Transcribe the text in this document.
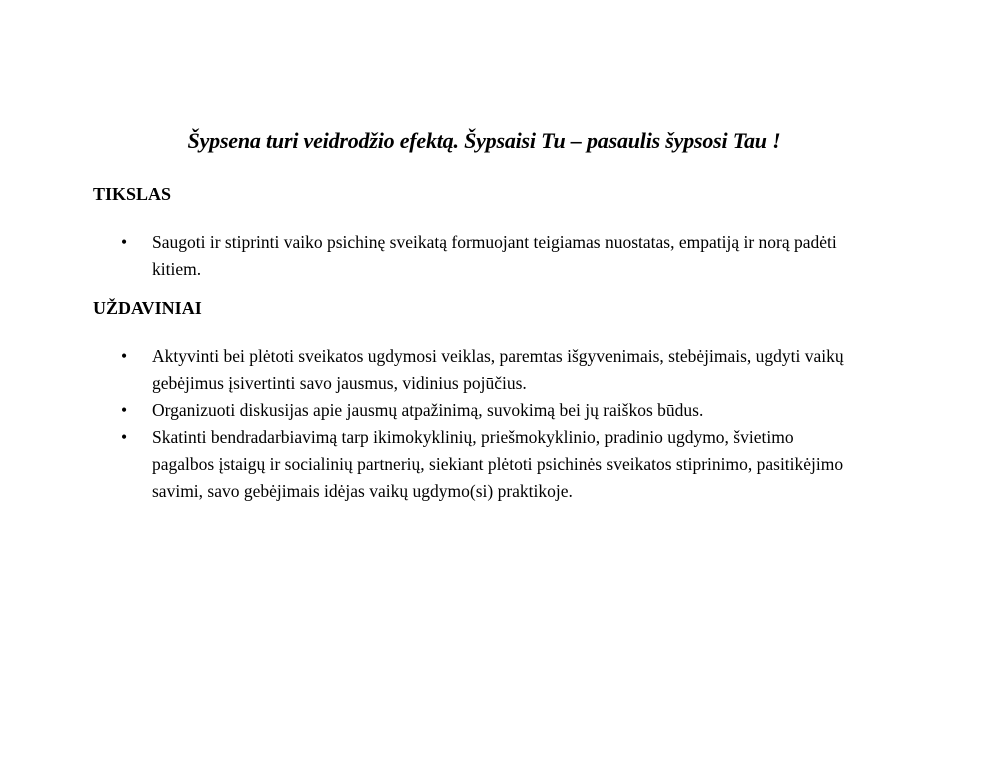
Šypsena turi veidrodžio efektą. Šypsaisi Tu – pasaulis šypsosi Tau !
TIKSLAS
•	Saugoti ir stiprinti vaiko psichinę sveikatą formuojant teigiamas nuostatas, empatiją ir norą padėti kitiem.
UŽDAVINIAI
•	Aktyvinti bei plėtoti sveikatos ugdymosi veiklas, paremtas išgyvenimais, stebėjimais, ugdyti vaikų gebėjimus įsivertinti savo jausmus, vidinius pojūčius.
•	Organizuoti diskusijas apie jausmų atpažinimą, suvokimą bei jų raiškos būdus.
•	Skatinti bendradarbiavimą tarp ikimokyklinių, priešmokyklinio, pradinio ugdymo, švietimo pagalbos įstaigų ir socialinių partnerių, siekiant plėtoti psichinės sveikatos stiprinimo, pasitikėjimo savimi, savo gebėjimais idėjas vaikų ugdymo(si) praktikoje.
